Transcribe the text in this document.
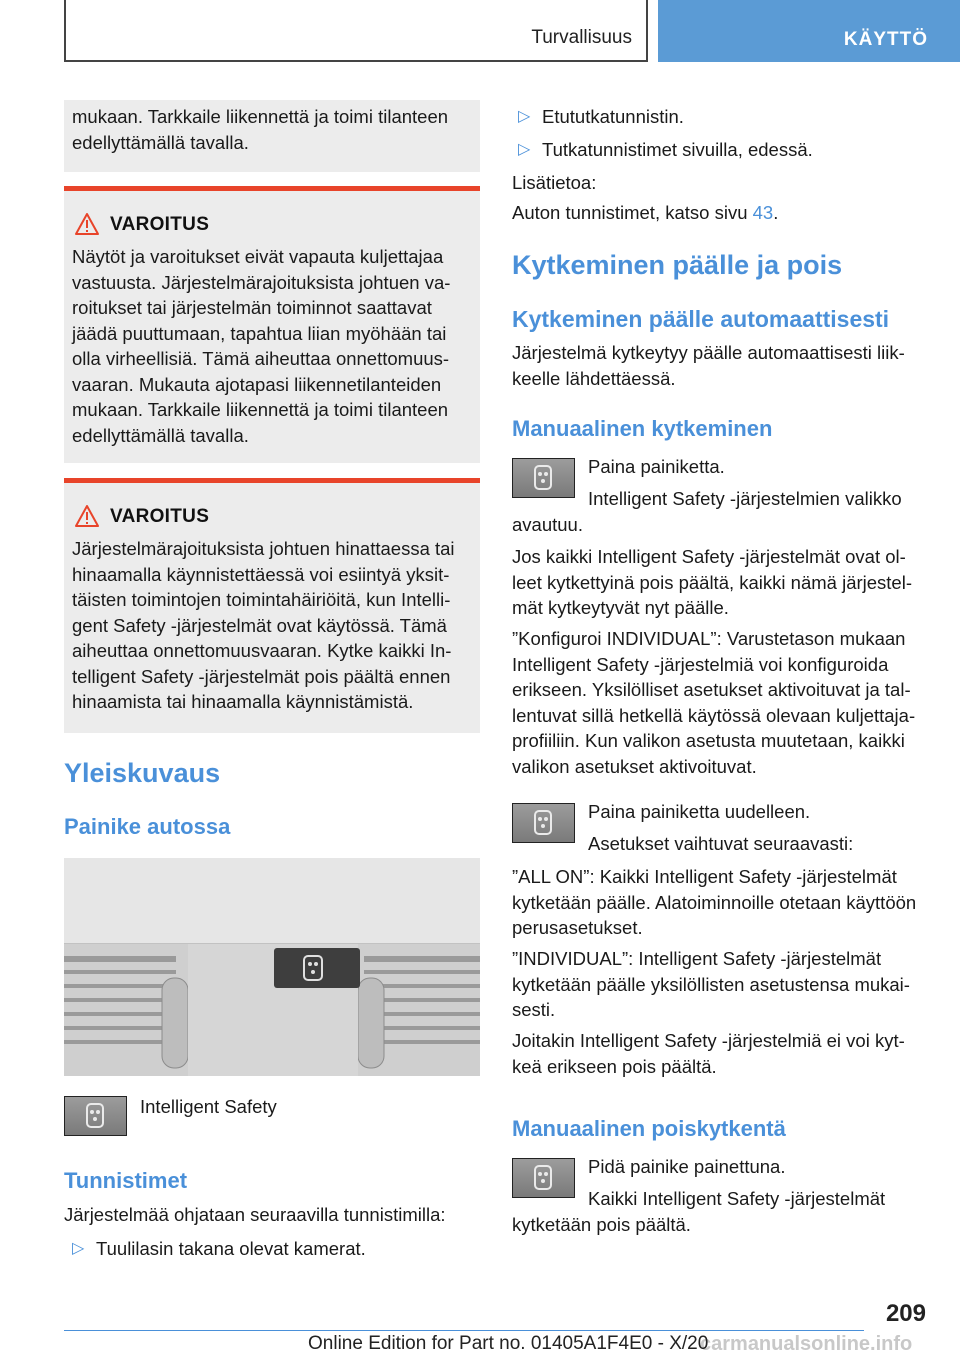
Turvallisuus	KÄYTTÖ
mukaan. Tarkkaile liikennettä ja toimi tilanteen edellyttämällä tavalla.
VAROITUS
Näytöt ja varoitukset eivät vapauta kuljettajaa
vastuusta. Järjestelmärajoituksista johtuen va-
roitukset tai järjestelmän toiminnot saattavat
jäädä puuttumaan, tapahtua liian myöhään tai
olla virheellisiä. Tämä aiheuttaa onnettomuus-
vaaran. Mukauta ajotapasi liikennetilanteiden
mukaan. Tarkkaile liikennettä ja toimi tilanteen
edellyttämällä tavalla.
VAROITUS
Järjestelmärajoituksista johtuen hinattaessa tai
hinaamalla käynnistettäessä voi esiintyä yksit-
täisten toimintojen toimintahäiriöitä, kun Intelli-
gent Safety -järjestelmät ovat käytössä. Tämä
aiheuttaa onnettomuusvaaran. Kytke kaikki In-
telligent Safety -järjestelmät pois päältä ennen
hinaamista tai hinaamalla käynnistämistä.
Yleiskuvaus
Painike autossa
Intelligent Safety
Tunnistimet
Järjestelmää ohjataan seuraavilla tunnistimilla:
▷ Tuulilasin takana olevat kamerat.
▷ Etututkatunnistin.
▷ Tutkatunnistimet sivuilla, edessä.
Lisätietoa:
Auton tunnistimet, katso sivu 43.
Kytkeminen päälle ja pois
Kytkeminen päälle automaattisesti
Järjestelmä kytkeytyy päälle automaattisesti liik-
keelle lähdettäessä.
Manuaalinen kytkeminen
Paina painiketta.
Intelligent Safety -järjestelmien valikko
avautuu.
Jos kaikki Intelligent Safety -järjestelmät ovat ol-
leet kytkettyinä pois päältä, kaikki nämä järjestel-
mät kytkeytyvät nyt päälle.
”Konfiguroi INDIVIDUAL”: Varustetason mukaan
Intelligent Safety -järjestelmiä voi konfiguroida
erikseen. Yksilölliset asetukset aktivoituvat ja tal-
lentuvat sillä hetkellä käytössä olevaan kuljettaja-
profiiliin. Kun valikon asetusta muutetaan, kaikki
valikon asetukset aktivoituvat.
Paina painiketta uudelleen.
Asetukset vaihtuvat seuraavasti:
”ALL ON”: Kaikki Intelligent Safety -järjestelmät
kytketään päälle. Alatoiminnoille otetaan käyttöön
perusasetukset.
”INDIVIDUAL”: Intelligent Safety -järjestelmät
kytketään päälle yksilöllisten asetustensa mukai-
sesti.
Joitakin Intelligent Safety -järjestelmiä ei voi kyt-
keä erikseen pois päältä.
Manuaalinen poiskytkentä
Pidä painike painettuna.
Kaikki Intelligent Safety -järjestelmät
kytketään pois päältä.
209
carmanualsonline.info
Online Edition for Part no. 01405A1F4E0 - X/20
